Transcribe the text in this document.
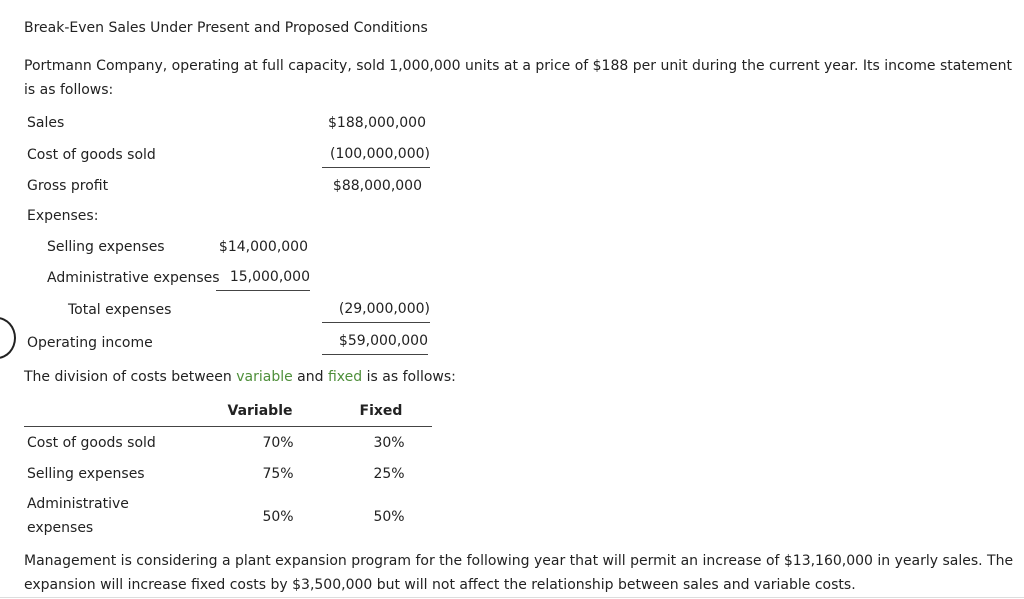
Break-Even Sales Under Present and Proposed Conditions
Portmann Company, operating at full capacity, sold 1,000,000 units at a price of $188 per unit during the current year. Its income statement is as follows:
Sales	$188,000,000
Cost of goods sold	(100,000,000)
Gross profit	$88,000,000
Expenses:
Selling expenses	$14,000,000
Administrative expenses 15,000,000
Total expenses	(29,000,000)
Operating income	$59,000,000
The division of costs between variable and fixed is as follows:
Variable	Fixed
Cost of goods sold	70%	30%
Selling expenses	75%	25%
Administrative
expenses
50%	50%
Management is considering a plant expansion program for the following year that will permit an increase of $13,160,000 in yearly sales. The expansion will increase fixed costs by $3,500,000 but will not affect the relationship between sales and variable costs.
